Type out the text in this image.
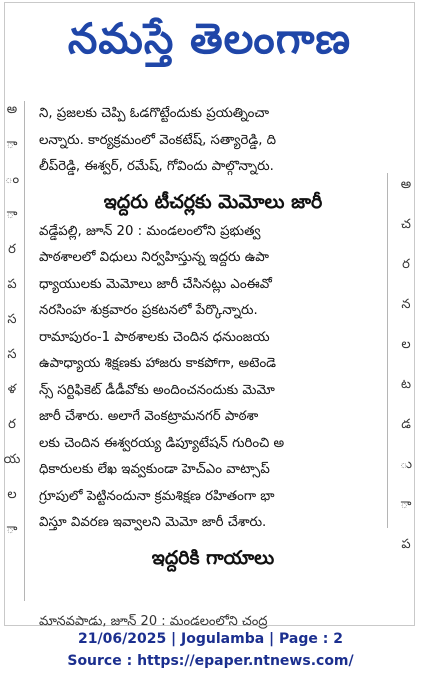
నమస్తే తెలంగాణ
అ
ా
ం
ా
ర
ప
స
స
ళ
ర
య
ల
ా
అ
చ
ర
న
ల
ట
డ
ు
ా
ప

ని, ప్రజలకు చెప్పి ఓడగొట్టేందుకు ప్రయత్నించా

లన్నారు. కార్యక్రమంలో వెంకటేష్, సత్యారెడ్డి, ది

లీప్‌రెడ్డి, ఈశ్వర్, రమేష్, గోవిందు పాల్గొన్నారు.

ఇద్దరు టీచర్లకు మెమోలు జారీ

వడ్డేపల్లి, జూన్ 20 : మండలంలోని ప్రభుత్వ

పాఠశాలలో విధులు నిర్వహిస్తున్న ఇద్దరు ఉపా

ధ్యాయులకు మెమోలు జారీ చేసినట్లు ఎంఈవో

నరసింహ శుక్రవారం ప్రకటనలో పేర్కొన్నారు.

రామాపురం-1 పాఠశాలకు చెందిన ధనుంజయ

ఉపాధ్యాయ శిక్షణకు హాజరు కాకపోగా, అటెండె

న్స్ సర్టిఫికెట్ డీడీవోకు అందించనందుకు మెమో

జారీ చేశారు. అలాగే వెంకట్రామనగర్ పాఠశా

లకు చెందిన ఈశ్వరయ్య డిప్యూటేషన్ గురించి అ

ధికారులకు లేఖ ఇవ్వకుండా హెచ్ఎం వాట్సాప్

గ్రూపులో పెట్టినందునా క్రమశిక్షణ రహితంగా భా

విస్తూ వివరణ ఇవ్వాలని మెమో జారీ చేశారు.

ఇద్దరికి గాయాలు
మానవపాడు, జూన్ 20 : మండలంలోని చంద్ర
21/06/2025 | Jogulamba | Page : 2
Source : https://epaper.ntnews.com/
